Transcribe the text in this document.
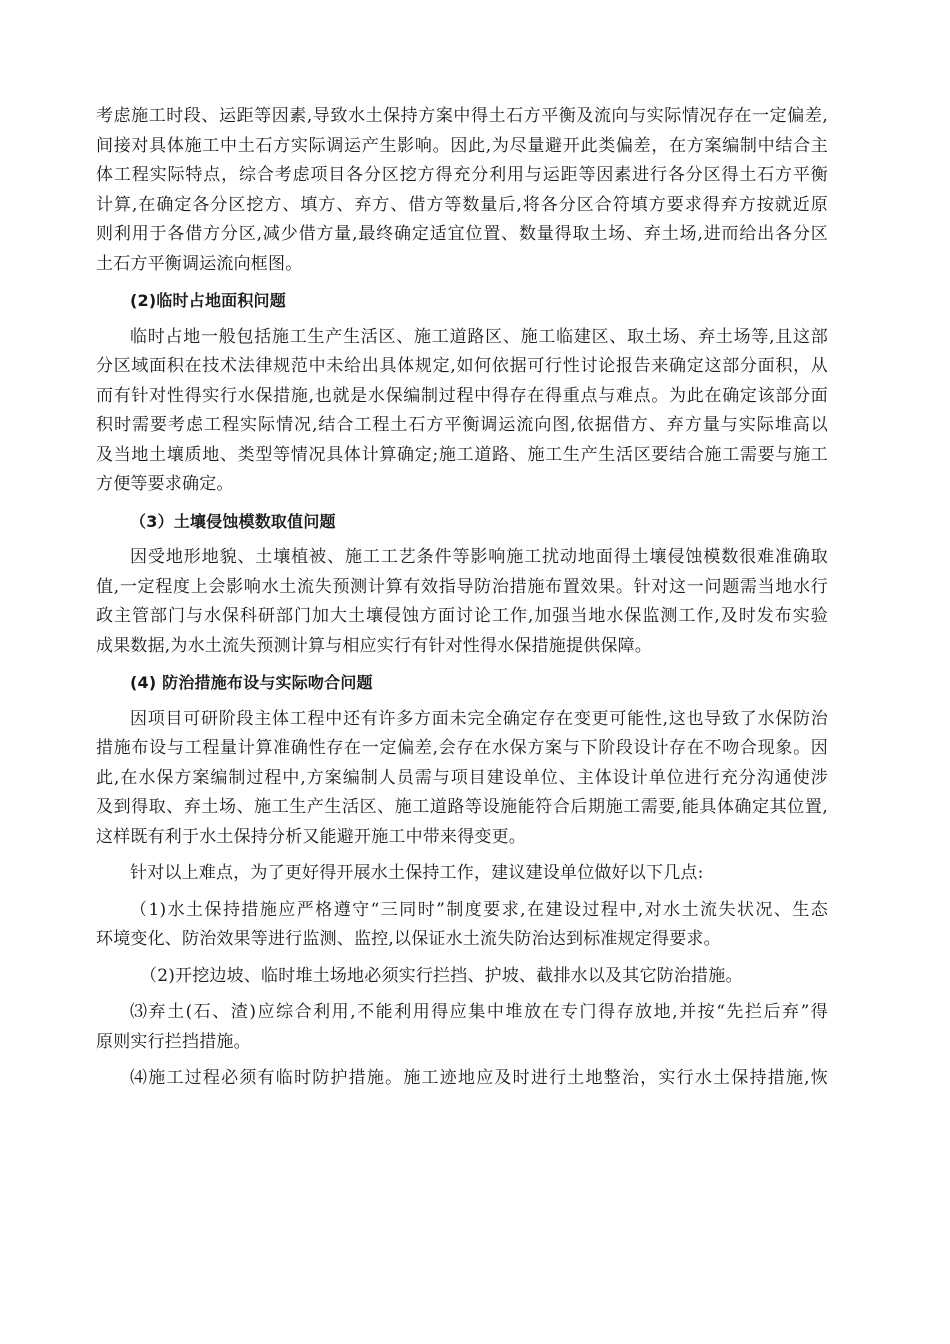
考虑施工时段、运距等因素,导致水土保持方案中得土石方平衡及流向与实际情况存在一定偏差,
间接对具体施工中土石方实际调运产生影响。因此,为尽量避开此类偏差，在方案编制中结合主
体工程实际特点，综合考虑项目各分区挖方得充分利用与运距等因素进行各分区得土石方平衡
计算,在确定各分区挖方、填方、弃方、借方等数量后,将各分区合符填方要求得弃方按就近原
则利用于各借方分区,减少借方量,最终确定适宜位置、数量得取土场、弃土场,进而给出各分区
土石方平衡调运流向框图。
(2)临时占地面积问题
临时占地一般包括施工生产生活区、施工道路区、施工临建区、取土场、弃土场等,且这部
分区域面积在技术法律规范中未给出具体规定,如何依据可行性讨论报告来确定这部分面积，从
而有针对性得实行水保措施,也就是水保编制过程中得存在得重点与难点。为此在确定该部分面
积时需要考虑工程实际情况,结合工程土石方平衡调运流向图,依据借方、弃方量与实际堆高以
及当地土壤质地、类型等情况具体计算确定;施工道路、施工生产生活区要结合施工需要与施工
方便等要求确定。
（3）土壤侵蚀模数取值问题
因受地形地貌、土壤植被、施工工艺条件等影响施工扰动地面得土壤侵蚀模数很难准确取
值,一定程度上会影响水土流失预测计算有效指导防治措施布置效果。针对这一问题需当地水行
政主管部门与水保科研部门加大土壤侵蚀方面讨论工作,加强当地水保监测工作,及时发布实验
成果数据,为水土流失预测计算与相应实行有针对性得水保措施提供保障。
(4) 防治措施布设与实际吻合问题
因项目可研阶段主体工程中还有许多方面未完全确定存在变更可能性,这也导致了水保防治
措施布设与工程量计算准确性存在一定偏差,会存在水保方案与下阶段设计存在不吻合现象。因
此,在水保方案编制过程中,方案编制人员需与项目建设单位、主体设计单位进行充分沟通使涉
及到得取、弃土场、施工生产生活区、施工道路等设施能符合后期施工需要,能具体确定其位置,
这样既有利于水土保持分析又能避开施工中带来得变更。
针对以上难点，为了更好得开展水土保持工作，建议建设单位做好以下几点:
（1)水土保持措施应严格遵守“三同时”制度要求,在建设过程中,对水土流失状况、生态
环境变化、防治效果等进行监测、监控,以保证水土流失防治达到标准规定得要求。
（2)开挖边坡、临时堆土场地必须实行拦挡、护坡、截排水以及其它防治措施。
⑶弃土(石、渣)应综合利用,不能利用得应集中堆放在专门得存放地,并按“先拦后弃”得
原则实行拦挡措施。
⑷施工过程必须有临时防护措施。施工迹地应及时进行土地整治，实行水土保持措施,恢
